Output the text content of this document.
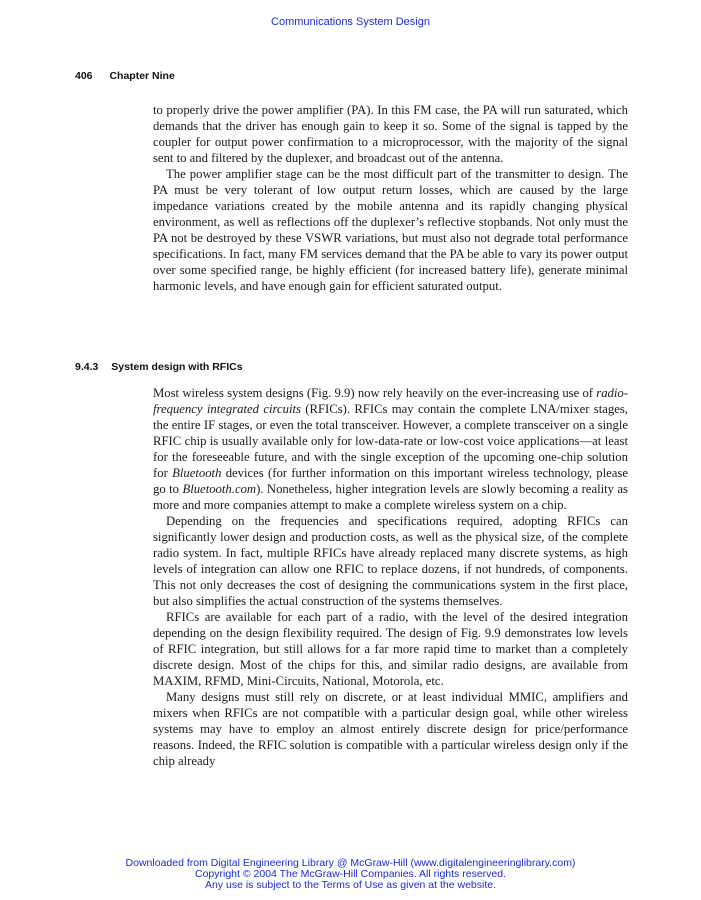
Communications System Design
406 Chapter Nine

to properly drive the power amplifier (PA). In this FM case, the PA will run saturated, which demands that the driver has enough gain to keep it so. Some of the signal is tapped by the coupler for output power confirmation to a microprocessor, with the majority of the signal sent to and filtered by the duplexer, and broadcast out of the antenna.

The power amplifier stage can be the most difficult part of the transmitter to design. The PA must be very tolerant of low output return losses, which are caused by the large impedance variations created by the mobile antenna and its rapidly changing physical environment, as well as reflections off the duplexer’s reflective stopbands. Not only must the PA not be destroyed by these VSWR variations, but must also not degrade total performance specifications. In fact, many FM services demand that the PA be able to vary its power output over some specified range, be highly efficient (for increased battery life), generate minimal harmonic levels, and have enough gain for efficient saturated output.

9.4.3 System design with RFICs

Most wireless system designs (Fig. 9.9) now rely heavily on the ever-increasing use of radio-frequency integrated circuits (RFICs). RFICs may contain the complete LNA/mixer stages, the entire IF stages, or even the total transceiver. However, a complete transceiver on a single RFIC chip is usually available only for low-data-rate or low-cost voice applications—at least for the foreseeable future, and with the single exception of the upcoming one-chip solution for Bluetooth devices (for further information on this important wireless technology, please go to Bluetooth.com). Nonetheless, higher integration levels are slowly becoming a reality as more and more companies attempt to make a complete wireless system on a chip.

Depending on the frequencies and specifications required, adopting RFICs can significantly lower design and production costs, as well as the physical size, of the complete radio system. In fact, multiple RFICs have already replaced many discrete systems, as high levels of integration can allow one RFIC to replace dozens, if not hundreds, of components. This not only decreases the cost of designing the communications system in the first place, but also simplifies the actual construction of the systems themselves.

RFICs are available for each part of a radio, with the level of the desired integration depending on the design flexibility required. The design of Fig. 9.9 demonstrates low levels of RFIC integration, but still allows for a far more rapid time to market than a completely discrete design. Most of the chips for this, and similar radio designs, are available from MAXIM, RFMD, Mini-Circuits, National, Motorola, etc.

Many designs must still rely on discrete, or at least individual MMIC, amplifiers and mixers when RFICs are not compatible with a particular design goal, while other wireless systems may have to employ an almost entirely discrete design for price/performance reasons. Indeed, the RFIC solution is compatible with a particular wireless design only if the chip already

Downloaded from Digital Engineering Library @ McGraw-Hill (www.digitalengineeringlibrary.com)
Copyright © 2004 The McGraw-Hill Companies. All rights reserved.
Any use is subject to the Terms of Use as given at the website.
